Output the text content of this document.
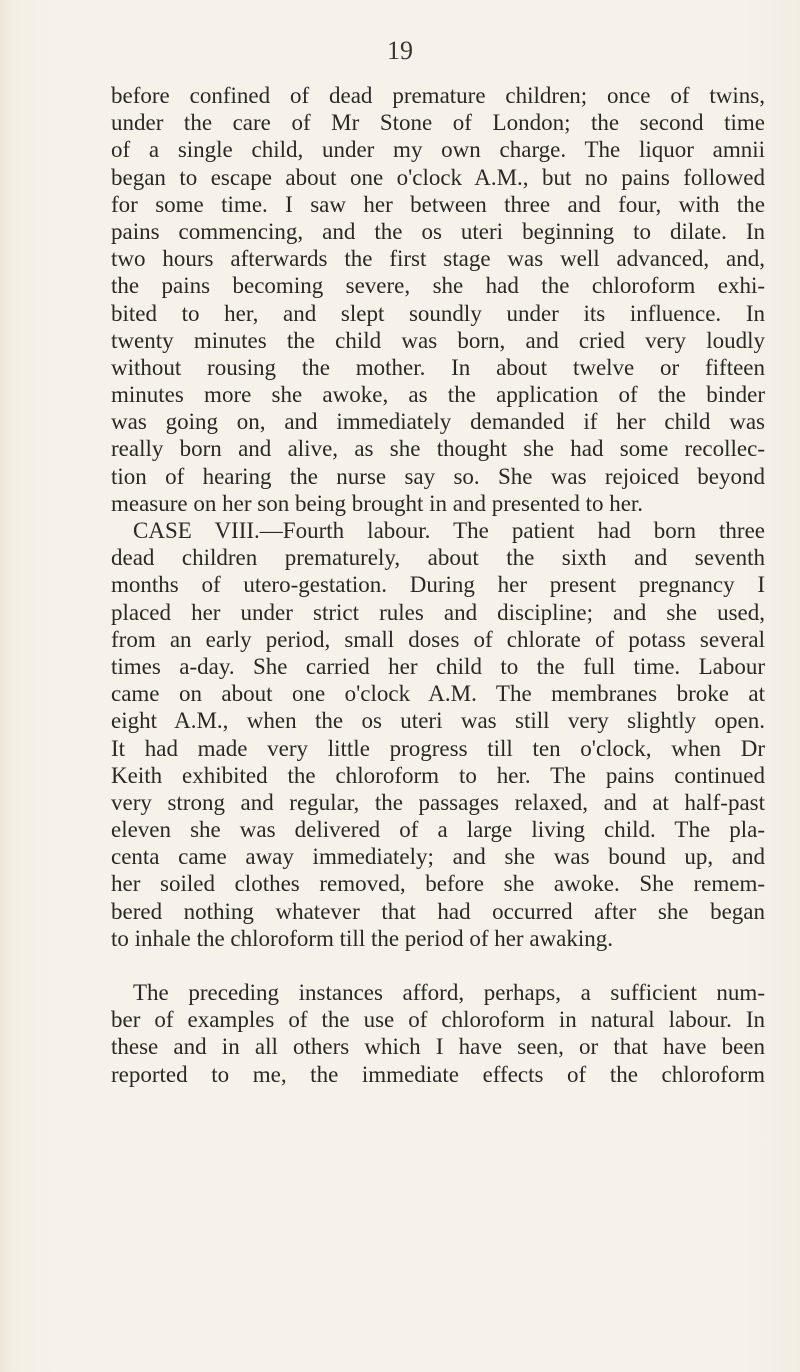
19
before confined of dead premature children; once of twins,
under the care of Mr Stone of London; the second time
of a single child, under my own charge. The liquor amnii
began to escape about one o'clock A.M., but no pains followed
for some time. I saw her between three and four, with the
pains commencing, and the os uteri beginning to dilate. In
two hours afterwards the first stage was well advanced, and,
the pains becoming severe, she had the chloroform exhi-
bited to her, and slept soundly under its influence. In
twenty minutes the child was born, and cried very loudly
without rousing the mother. In about twelve or fifteen
minutes more she awoke, as the application of the binder
was going on, and immediately demanded if her child was
really born and alive, as she thought she had some recollec-
tion of hearing the nurse say so. She was rejoiced beyond
measure on her son being brought in and presented to her.
CASE VIII.—Fourth labour. The patient had born three
dead children prematurely, about the sixth and seventh
months of utero-gestation. During her present pregnancy I
placed her under strict rules and discipline; and she used,
from an early period, small doses of chlorate of potass several
times a-day. She carried her child to the full time. Labour
came on about one o'clock A.M. The membranes broke at
eight A.M., when the os uteri was still very slightly open.
It had made very little progress till ten o'clock, when Dr
Keith exhibited the chloroform to her. The pains continued
very strong and regular, the passages relaxed, and at half-past
eleven she was delivered of a large living child. The pla-
centa came away immediately; and she was bound up, and
her soiled clothes removed, before she awoke. She remem-
bered nothing whatever that had occurred after she began
to inhale the chloroform till the period of her awaking.
The preceding instances afford, perhaps, a sufficient num-
ber of examples of the use of chloroform in natural labour. In
these and in all others which I have seen, or that have been
reported to me, the immediate effects of the chloroform
